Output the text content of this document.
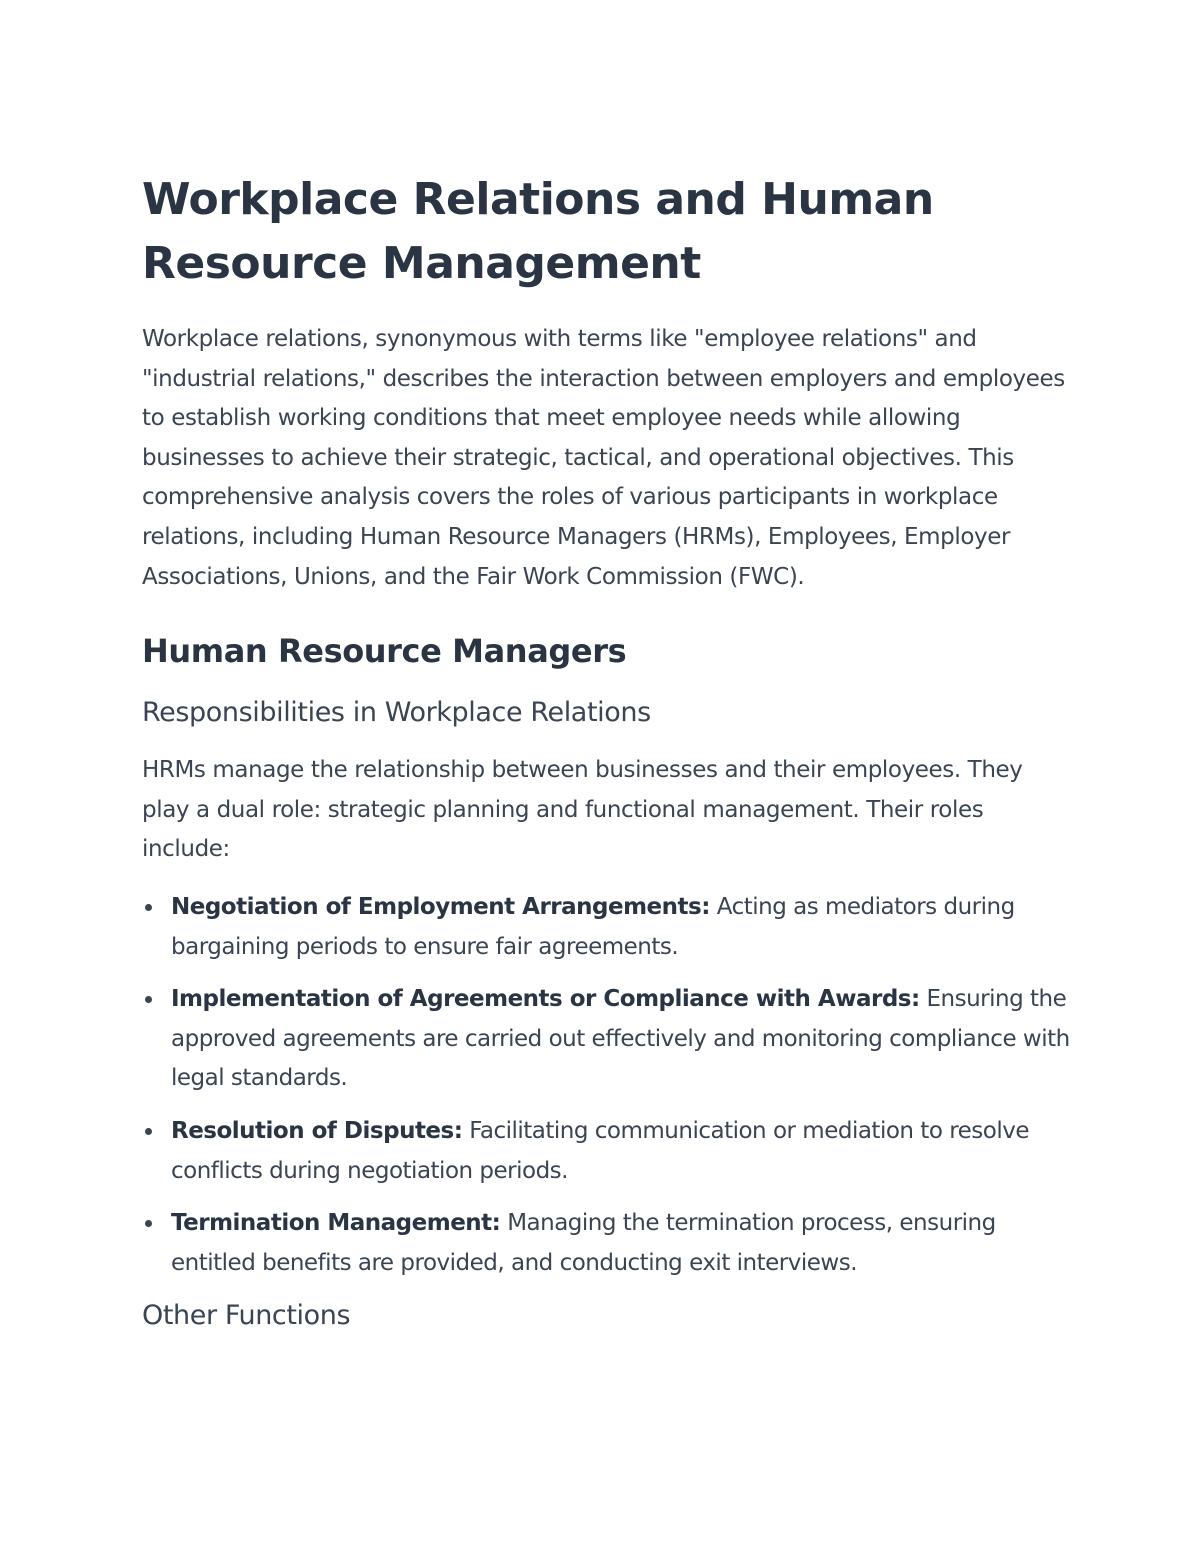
Workplace Relations and Human Resource Management

Workplace relations, synonymous with terms like "employee relations" and "industrial relations," describes the interaction between employers and employees to establish working conditions that meet employee needs while allowing businesses to achieve their strategic, tactical, and operational objectives. This comprehensive analysis covers the roles of various participants in workplace relations, including Human Resource Managers (HRMs), Employees, Employer Associations, Unions, and the Fair Work Commission (FWC).

Human Resource Managers
Responsibilities in Workplace Relations

HRMs manage the relationship between businesses and their employees. They play a dual role: strategic planning and functional management. Their roles include:

Negotiation of Employment Arrangements: Acting as mediators during bargaining periods to ensure fair agreements.
Implementation of Agreements or Compliance with Awards: Ensuring the approved agreements are carried out effectively and monitoring compliance with legal standards.
Resolution of Disputes: Facilitating communication or mediation to resolve conflicts during negotiation periods.
Termination Management: Managing the termination process, ensuring entitled benefits are provided, and conducting exit interviews.
Other Functions
